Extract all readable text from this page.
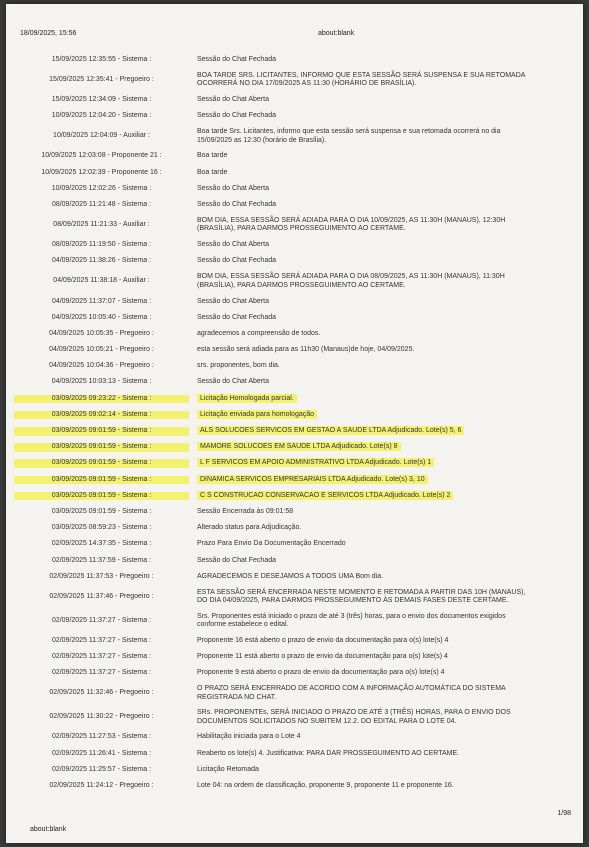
18/09/2025, 15:56	about:blank
15/09/2025 12:35:55 - Sistema :	Sessão do Chat Fechada
15/09/2025 12:35:41 - Pregoeiro :
BOA TARDE SRS. LICITANTES, INFORMO QUE ESTA SESSÃO SERÁ SUSPENSA E SUA RETOMADA OCORRERÁ NO DIA 17/09/2025 AS 11:30 (HORÁRIO DE BRASÍLIA).
15/09/2025 12:34:09 - Sistema :	Sessão do Chat Aberta
10/09/2025 12:04:20 - Sistema :	Sessão do Chat Fechada
10/09/2025 12:04:09 - Auxiliar :
Boa tarde Srs. Licitantes, informo que esta sessão será suspensa e sua retomada ocorrerá no dia 15/09/2025 as 12:30 (horário de Brasília).
10/09/2025 12:03:08 - Proponente 21 :	Boa tarde
10/09/2025 12:02:39 - Proponente 16 :	Boa tarde
10/09/2025 12:02:26 - Sistema :	Sessão do Chat Aberta
08/09/2025 11:21:48 - Sistema :	Sessão do Chat Fechada
08/09/2025 11:21:33 - Auxiliar :
BOM DIA, ESSA SESSÃO SERÁ ADIADA PARA O DIA 10/09/2025, AS 11:30H (MANAUS), 12:30H (BRASÍLIA), PARA DARMOS PROSSEGUIMENTO AO CERTAME.
08/09/2025 11:19:50 - Sistema :	Sessão do Chat Aberta
04/09/2025 11:38:26 - Sistema :	Sessão do Chat Fechada
04/09/2025 11:38:18 - Auxiliar :
BOM DIA, ESSA SESSÃO SERÁ ADIADA PARA O DIA 08/09/2025, AS 11:30H (MANAUS), 11:30H (BRASÍLIA), PARA DARMOS PROSSEGUIMENTO AO CERTAME.
04/09/2025 11:37:07 - Sistema :	Sessão do Chat Aberta
04/09/2025 10:05:40 - Sistema :	Sessão do Chat Fechada
04/09/2025 10:05:35 - Pregoeiro :	agradecemos a compreensão de todos.
04/09/2025 10:05:21 - Pregoeiro :	esta sessão será adiada para as 11h30 (Manaus)de hoje, 04/09/2025.
04/09/2025 10:04:36 - Pregoeiro :	srs. proponentes, bom dia.
04/09/2025 10:03:13 - Sistema :	Sessão do Chat Aberta
03/09/2025 09:23:22 - Sistema :	Licitação Homologada parcial.
03/09/2025 09:02:14 - Sistema :	Licitação enviada para homologação
03/09/2025 09:01:59 - Sistema :	ALS SOLUCOES SERVICOS EM GESTAO A SAUDE LTDA Adjudicado. Lote(s) 5, 6
03/09/2025 09:01:59 - Sistema :	MAMORE SOLUCOES EM SAUDE LTDA Adjudicado. Lote(s) 8
03/09/2025 09:01:59 - Sistema :	L F SERVICOS EM APOIO ADMINISTRATIVO LTDA Adjudicado. Lote(s) 1
03/09/2025 09:01:59 - Sistema :	DINAMICA SERVICOS EMPRESARIAIS LTDA Adjudicado. Lote(s) 3, 10
03/09/2025 09:01:59 - Sistema :	C S CONSTRUCAO CONSERVACAO E SERVICOS LTDA Adjudicado. Lote(s) 2
03/09/2025 09:01:59 - Sistema :	Sessão Encerrada às 09:01:58
03/09/2025 08:59:23 - Sistema :	Alterado status para Adjudicação.
02/09/2025 14:37:35 - Sistema :	Prazo Para Envio Da Documentação Encerrado
02/09/2025 11:37:59 - Sistema :	Sessão do Chat Fechada
02/09/2025 11:37:53 - Pregoeiro :	AGRADECEMOS E DESEJAMOS A TODOS UMA Bom dia.
02/09/2025 11:37:46 - Pregoeiro :
ESTA SESSÃO SERÁ ENCERRADA NESTE MOMENTO E RETOMADA A PARTIR DAS 10H (MANAUS), DO DIA 04/09/2025, PARA DARMOS PROSSEGUIMENTO ÀS DEMAIS FASES DESTE CERTAME.
02/09/2025 11:37:27 - Sistema :
Srs. Proponentes está iniciado o prazo de até 3 (três) horas, para o envio dos documentos exigidos conforme estabelece o edital.
02/09/2025 11:37:27 - Sistema :	Proponente 16 está aberto o prazo de envio da documentação para o(s) lote(s) 4
02/09/2025 11:37:27 - Sistema :	Proponente 11 está aberto o prazo de envio da documentação para o(s) lote(s) 4
02/09/2025 11:37:27 - Sistema :	Proponente 9 está aberto o prazo de envio da documentação para o(s) lote(s) 4
02/09/2025 11:32:46 - Pregoeiro :
O PRAZO SERÁ ENCERRADO DE ACORDO COM A INFORMAÇÃO AUTOMÁTICA DO SISTEMA REGISTRADA NO CHAT.
02/09/2025 11:30:22 - Pregoeiro :
SRs. PROPONENTEs, SERÁ INICIADO O PRAZO DE ATÉ 3 (TRÊS) HORAS, PARA O ENVIO DOS DOCUMENTOS SOLICITADOS NO SUBITEM 12.2. DO EDITAL PARA O LOTE 04.
02/09/2025 11:27:53 - Sistema :	Habilitação iniciada para o Lote 4
02/09/2025 11:26:41 - Sistema :	Reaberto os lote(s) 4. Justificativa: PARA DAR PROSSEGUIMENTO AO CERTAME.
02/09/2025 11:25:57 - Sistema :	Licitação Retomada
02/09/2025 11:24:12 - Pregoeiro :	Lote 04: na ordem de classificação, proponente 9, proponente 11 e proponente 16.
1/98
about:blank
